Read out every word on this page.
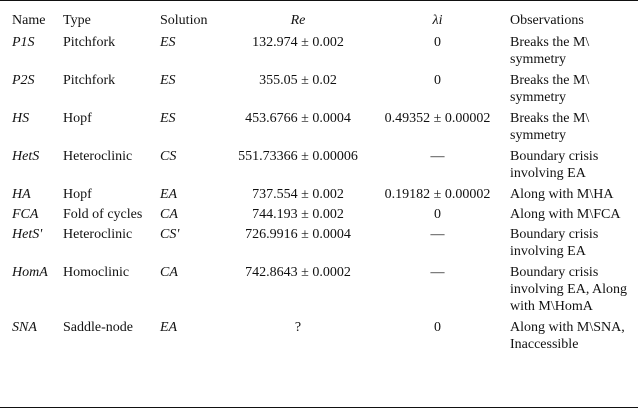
Name	Type	Solution	Re	λi	Observations
P1S	Pitchfork	ES	132.974 ± 0.002	0	Breaks the M\ symmetry
P2S	Pitchfork	ES	355.05 ± 0.02	0	Breaks the M\ symmetry
HS	Hopf	ES	453.6766 ± 0.0004	0.49352 ± 0.00002	Breaks the M\ symmetry
HetS	Heteroclinic	CS	551.73366 ± 0.00006	—	Boundary crisis involving EA
HA	Hopf	EA	737.554 ± 0.002	0.19182 ± 0.00002	Along with M\HA
FCA	Fold of cycles	CA	744.193 ± 0.002	0	Along with M\FCA
HetS'	Heteroclinic	CS'	726.9916 ± 0.0004	—	Boundary crisis involving EA
HomA	Homoclinic	CA	742.8643 ± 0.0002	—	Boundary crisis involving EA, Along with M\HomA
SNA	Saddle-node	EA	?	0	Along with M\SNA, Inaccessible
